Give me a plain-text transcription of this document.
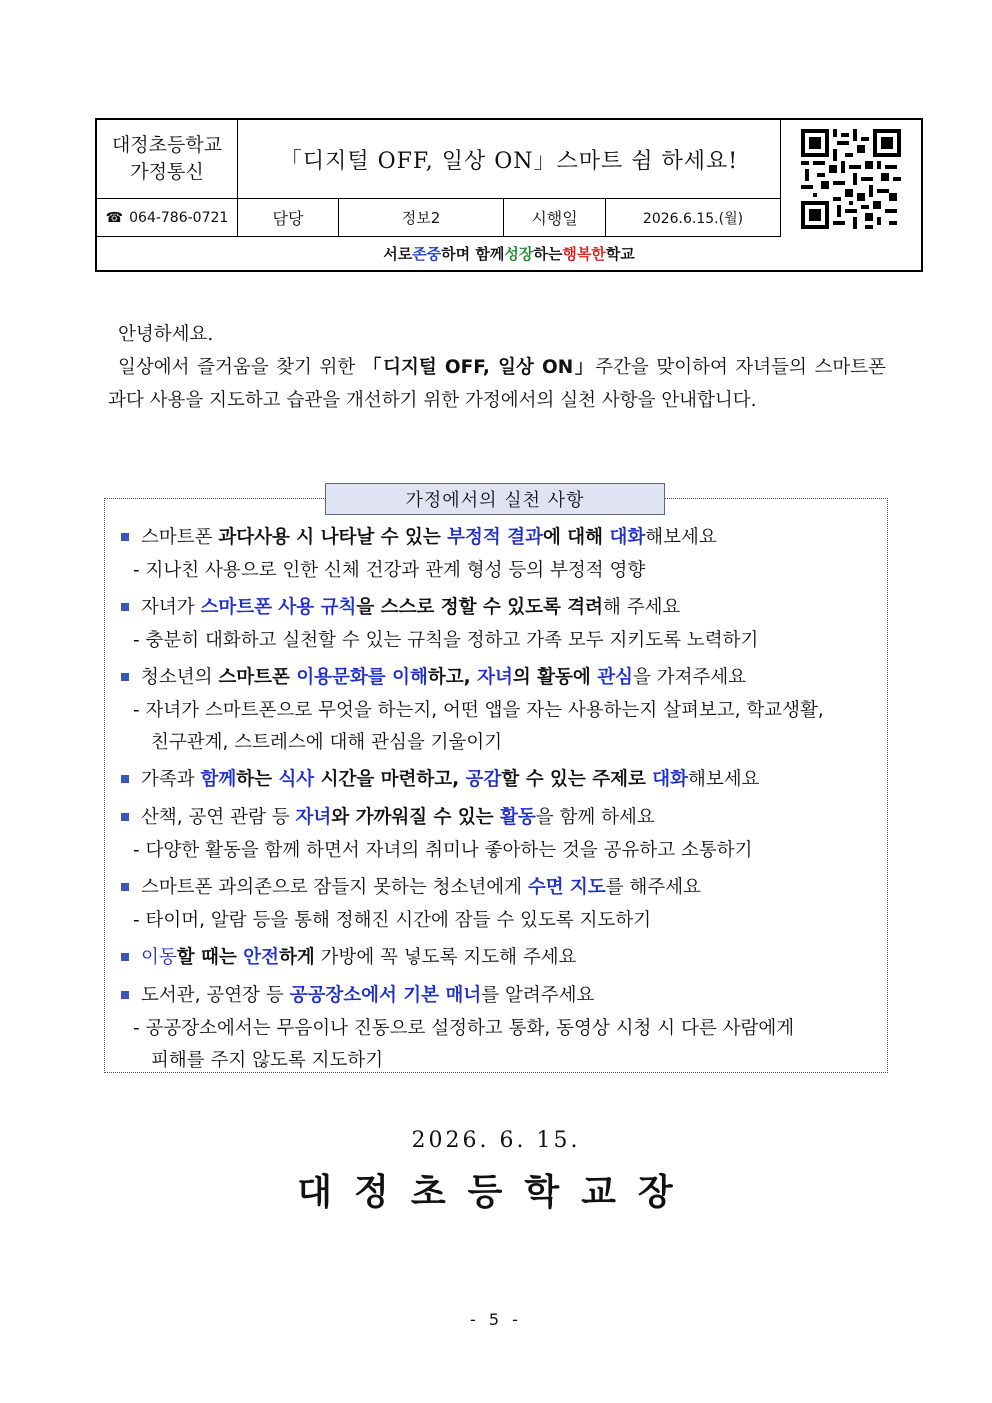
대정초등학교
가정통신	「디지털 OFF, 일상 ON」스마트 쉼 하세요!
☎ 064-786-0721	담당	정보2	시행일	2026.6.15.(월)
서로 존중 하며 함께 성장 하는 행복한 학교

안녕하세요.

일상에서 즐거움을 찾기 위한 「디지털 OFF, 일상 ON」주간을 맞이하여 자녀들의 스마트폰 과다 사용을 지도하고 습관을 개선하기 위한 가정에서의 실천 사항을 안내합니다.

가정에서의 실천 사항
스마트폰 과다사용 시 나타날 수 있는 부정적 결과에 대해 대화해보세요
- 지나친 사용으로 인한 신체 건강과 관계 형성 등의 부정적 영향
자녀가 스마트폰 사용 규칙을 스스로 정할 수 있도록 격려해 주세요
- 충분히 대화하고 실천할 수 있는 규칙을 정하고 가족 모두 지키도록 노력하기
청소년의 스마트폰 이용문화를 이해하고, 자녀의 활동에 관심을 가져주세요
- 자녀가 스마트폰으로 무엇을 하는지, 어떤 앱을 자는 사용하는지 살펴보고, 학교생활,
친구관계, 스트레스에 대해 관심을 기울이기
가족과 함께하는 식사 시간을 마련하고, 공감할 수 있는 주제로 대화해보세요
산책, 공연 관람 등 자녀와 가까워질 수 있는 활동을 함께 하세요
- 다양한 활동을 함께 하면서 자녀의 취미나 좋아하는 것을 공유하고 소통하기
스마트폰 과의존으로 잠들지 못하는 청소년에게 수면 지도를 해주세요
- 타이머, 알람 등을 통해 정해진 시간에 잠들 수 있도록 지도하기
이동할 때는 안전하게 가방에 꼭 넣도록 지도해 주세요
도서관, 공연장 등 공공장소에서 기본 매너를 알려주세요
- 공공장소에서는 무음이나 진동으로 설정하고 통화, 동영상 시청 시 다른 사람에게
피해를 주지 않도록 지도하기
2026. 6. 15.
대정초등학교장
- 5 -
